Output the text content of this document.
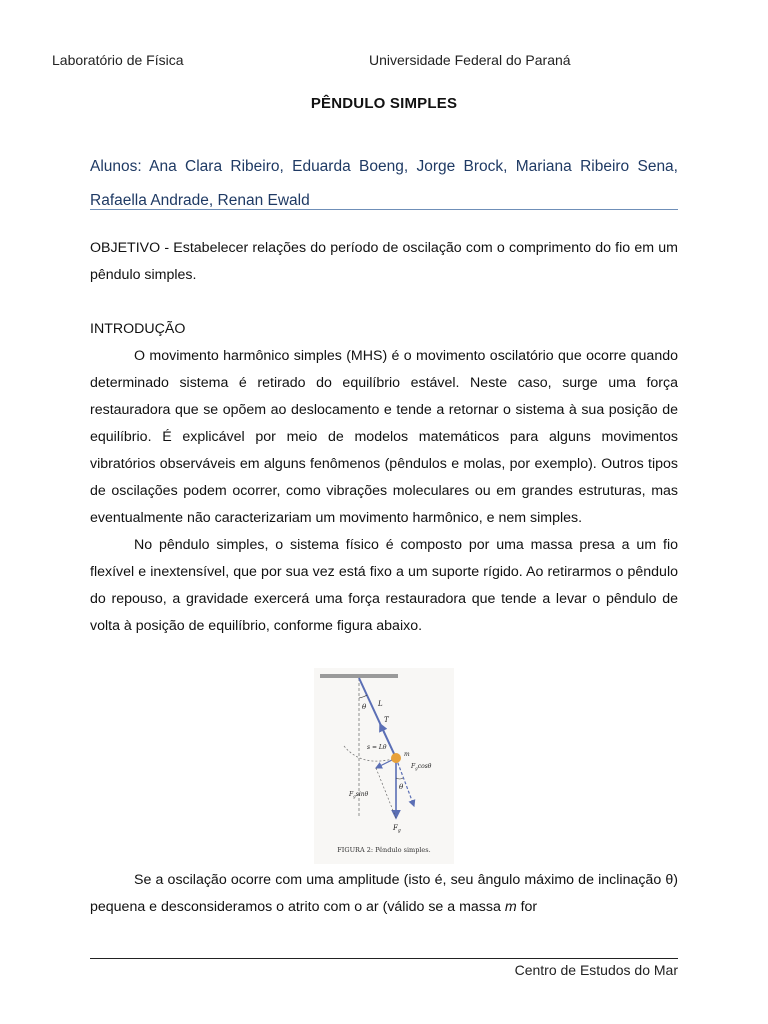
Laboratório de Física	Universidade Federal do Paraná
PÊNDULO SIMPLES
Alunos: Ana Clara Ribeiro, Eduarda Boeng, Jorge Brock, Mariana Ribeiro Sena, Rafaella Andrade, Renan Ewald

OBJETIVO - Estabelecer relações do período de oscilação com o comprimento do fio em um pêndulo simples.

INTRODUÇÃO

O movimento harmônico simples (MHS) é o movimento oscilatório que ocorre quando determinado sistema é retirado do equilíbrio estável. Neste caso, surge uma força restauradora que se opõem ao deslocamento e tende a retornar o sistema à sua posição de equilíbrio. É explicável por meio de modelos matemáticos para alguns movimentos vibratórios observáveis em alguns fenômenos (pêndulos e molas, por exemplo). Outros tipos de oscilações podem ocorrer, como vibrações moleculares ou em grandes estruturas, mas eventualmente não caracterizariam um movimento harmônico, e nem simples.

No pêndulo simples, o sistema físico é composto por uma massa presa a um fio flexível e inextensível, que por sua vez está fixo a um suporte rígido. Ao retirarmos o pêndulo do repouso, a gravidade exercerá uma força restauradora que tende a levar o pêndulo de volta à posição de equilíbrio, conforme figura abaixo.

θ L
T
s = Lθ
m
$F_g\cos\theta$
$F_g\sin\theta$
θ
$F_g$
FIGURA 2: Pêndulo simples.
Se a oscilação ocorre com uma amplitude (isto é, seu ângulo máximo de inclinação θ) pequena e desconsideramos o atrito com o ar (válido se a massa m for
Centro de Estudos do Mar
